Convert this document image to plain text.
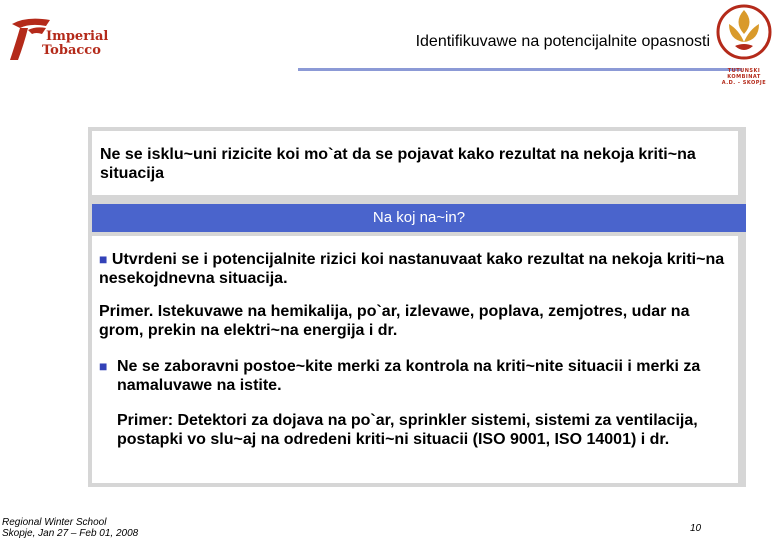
Imperial
Tobacco
Identifikuvawe na potencijalnite opasnosti
TUTUNSKI KOMBINAT
A.D. - SKOPJE
Ne se isklu~uni rizicite koi mo`at da se pojavat kako rezultat na nekoja kriti~na situacija
Na koj na~in?
■ Utvrdeni se i potencijalnite rizici koi nastanuvaat kako rezultat na nekoja kriti~na nesekojdnevna situacija.
Primer. Istekuvawe na hemikalija, po`ar, izlevawe, poplava, zemjotres, udar na grom, prekin na elektri~na energija i dr.
■ Ne se zaboravni postoe~kite merki za kontrola na kriti~nite situacii i merki za namaluvawe na istite.
Primer: Detektori za dojava na po`ar, sprinkler sistemi, sistemi za ventilacija, postapki vo slu~aj na odredeni kriti~ni situacii (ISO 9001, ISO 14001) i dr.
Regional Winter School
Skopje, Jan 27 – Feb 01, 2008	10
